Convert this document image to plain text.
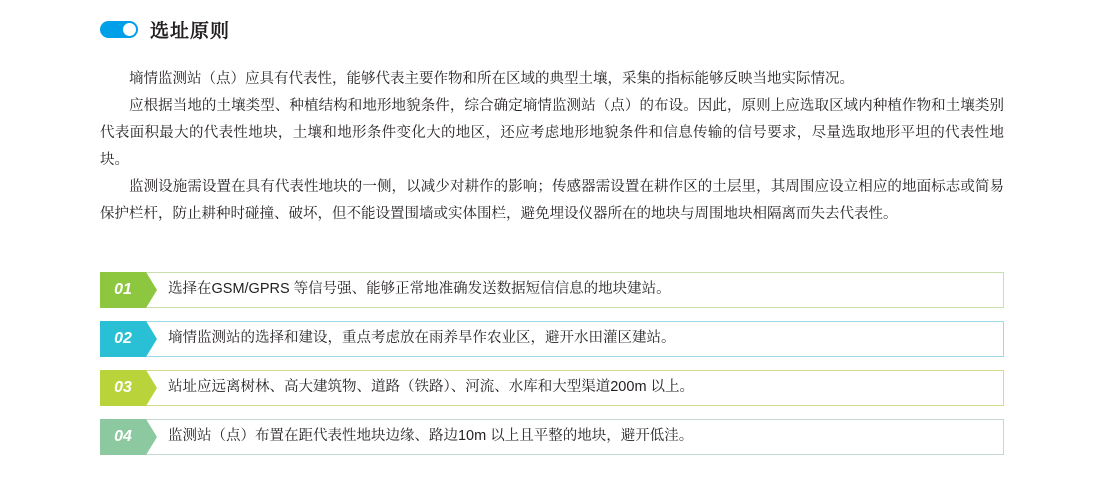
选址原则

墒情监测站（点）应具有代表性，能够代表主要作物和所在区域的典型土壤，采集的指标能够反映当地实际情况。

应根据当地的土壤类型、种植结构和地形地貌条件，综合确定墒情监测站（点）的布设。因此，原则上应选取区域内种植作物和土壤类别代表面积最大的代表性地块，土壤和地形条件变化大的地区，还应考虑地形地貌条件和信息传输的信号要求，尽量选取地形平坦的代表性地块。

监测设施需设置在具有代表性地块的一侧，以减少对耕作的影响；传感器需设置在耕作区的土层里，其周围应设立相应的地面标志或简易保护栏杆，防止耕种时碰撞、破坏，但不能设置围墙或实体围栏，避免埋设仪器所在的地块与周围地块相隔离而失去代表性。

01 选择在GSM/GPRS 等信号强、能够正常地准确发送数据短信信息的地块建站。
02 墒情监测站的选择和建设，重点考虑放在雨养旱作农业区，避开水田灌区建站。
03 站址应远离树林、高大建筑物、道路（铁路）、河流、水库和大型渠道200m 以上。
04 监测站（点）布置在距代表性地块边缘、路边10m 以上且平整的地块，避开低洼。
